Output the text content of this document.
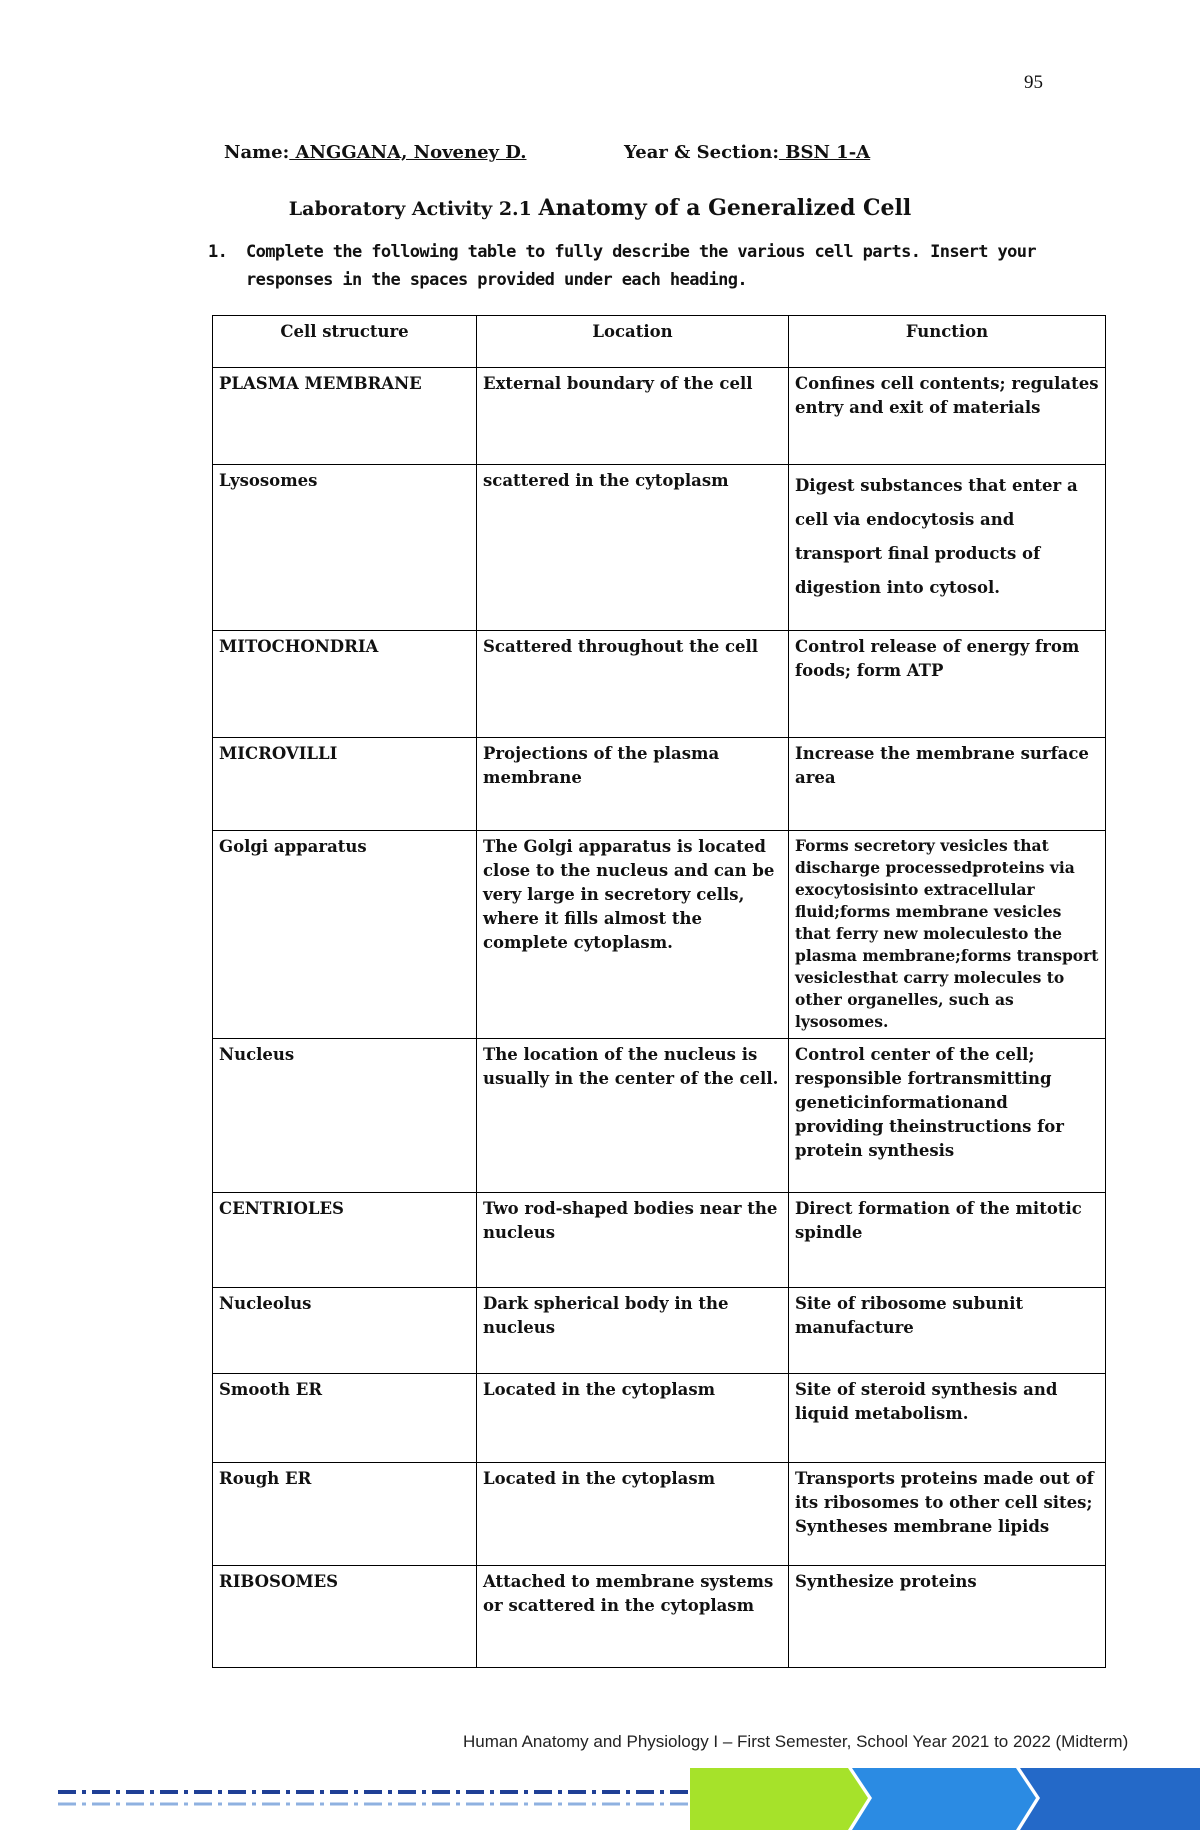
95
Name: ANGGANA, Noveney D.	Year & Section: BSN 1-A
Laboratory Activity 2.1 Anatomy of a Generalized Cell
1. Complete the following table to fully describe the various cell parts. Insert your responses in the spaces provided under each heading.
Cell structure	Location	Function
PLASMA MEMBRANE	External boundary of the cell	Confines cell contents; regulates entry and exit of materials
Lysosomes	scattered in the cytoplasm	Digest substances that enter a cell via endocytosis and transport final products of digestion into cytosol.
MITOCHONDRIA	Scattered throughout the cell	Control release of energy from foods; form ATP
MICROVILLI	Projections of the plasma membrane	Increase the membrane surface area
Golgi apparatus	The Golgi apparatus is located close to the nucleus and can be very large in secretory cells, where it fills almost the complete cytoplasm.	Forms secretory vesicles that discharge processedproteins via exocytosisinto extracellular fluid;forms membrane vesicles that ferry new moleculesto the plasma membrane;forms transport vesiclesthat carry molecules to other organelles, such as lysosomes.
Nucleus	The location of the nucleus is usually in the center of the cell.	Control center of the cell; responsible fortransmitting geneticinformationand providing theinstructions for protein synthesis
CENTRIOLES	Two rod-shaped bodies near the nucleus	Direct formation of the mitotic spindle
Nucleolus	Dark spherical body in the nucleus	Site of ribosome subunit manufacture
Smooth ER	Located in the cytoplasm	Site of steroid synthesis and liquid metabolism.
Rough ER	Located in the cytoplasm	Transports proteins made out of its ribosomes to other cell sites; Syntheses membrane lipids
RIBOSOMES	Attached to membrane systems or scattered in the cytoplasm	Synthesize proteins
Human Anatomy and Physiology I – First Semester, School Year 2021 to 2022 (Midterm)
